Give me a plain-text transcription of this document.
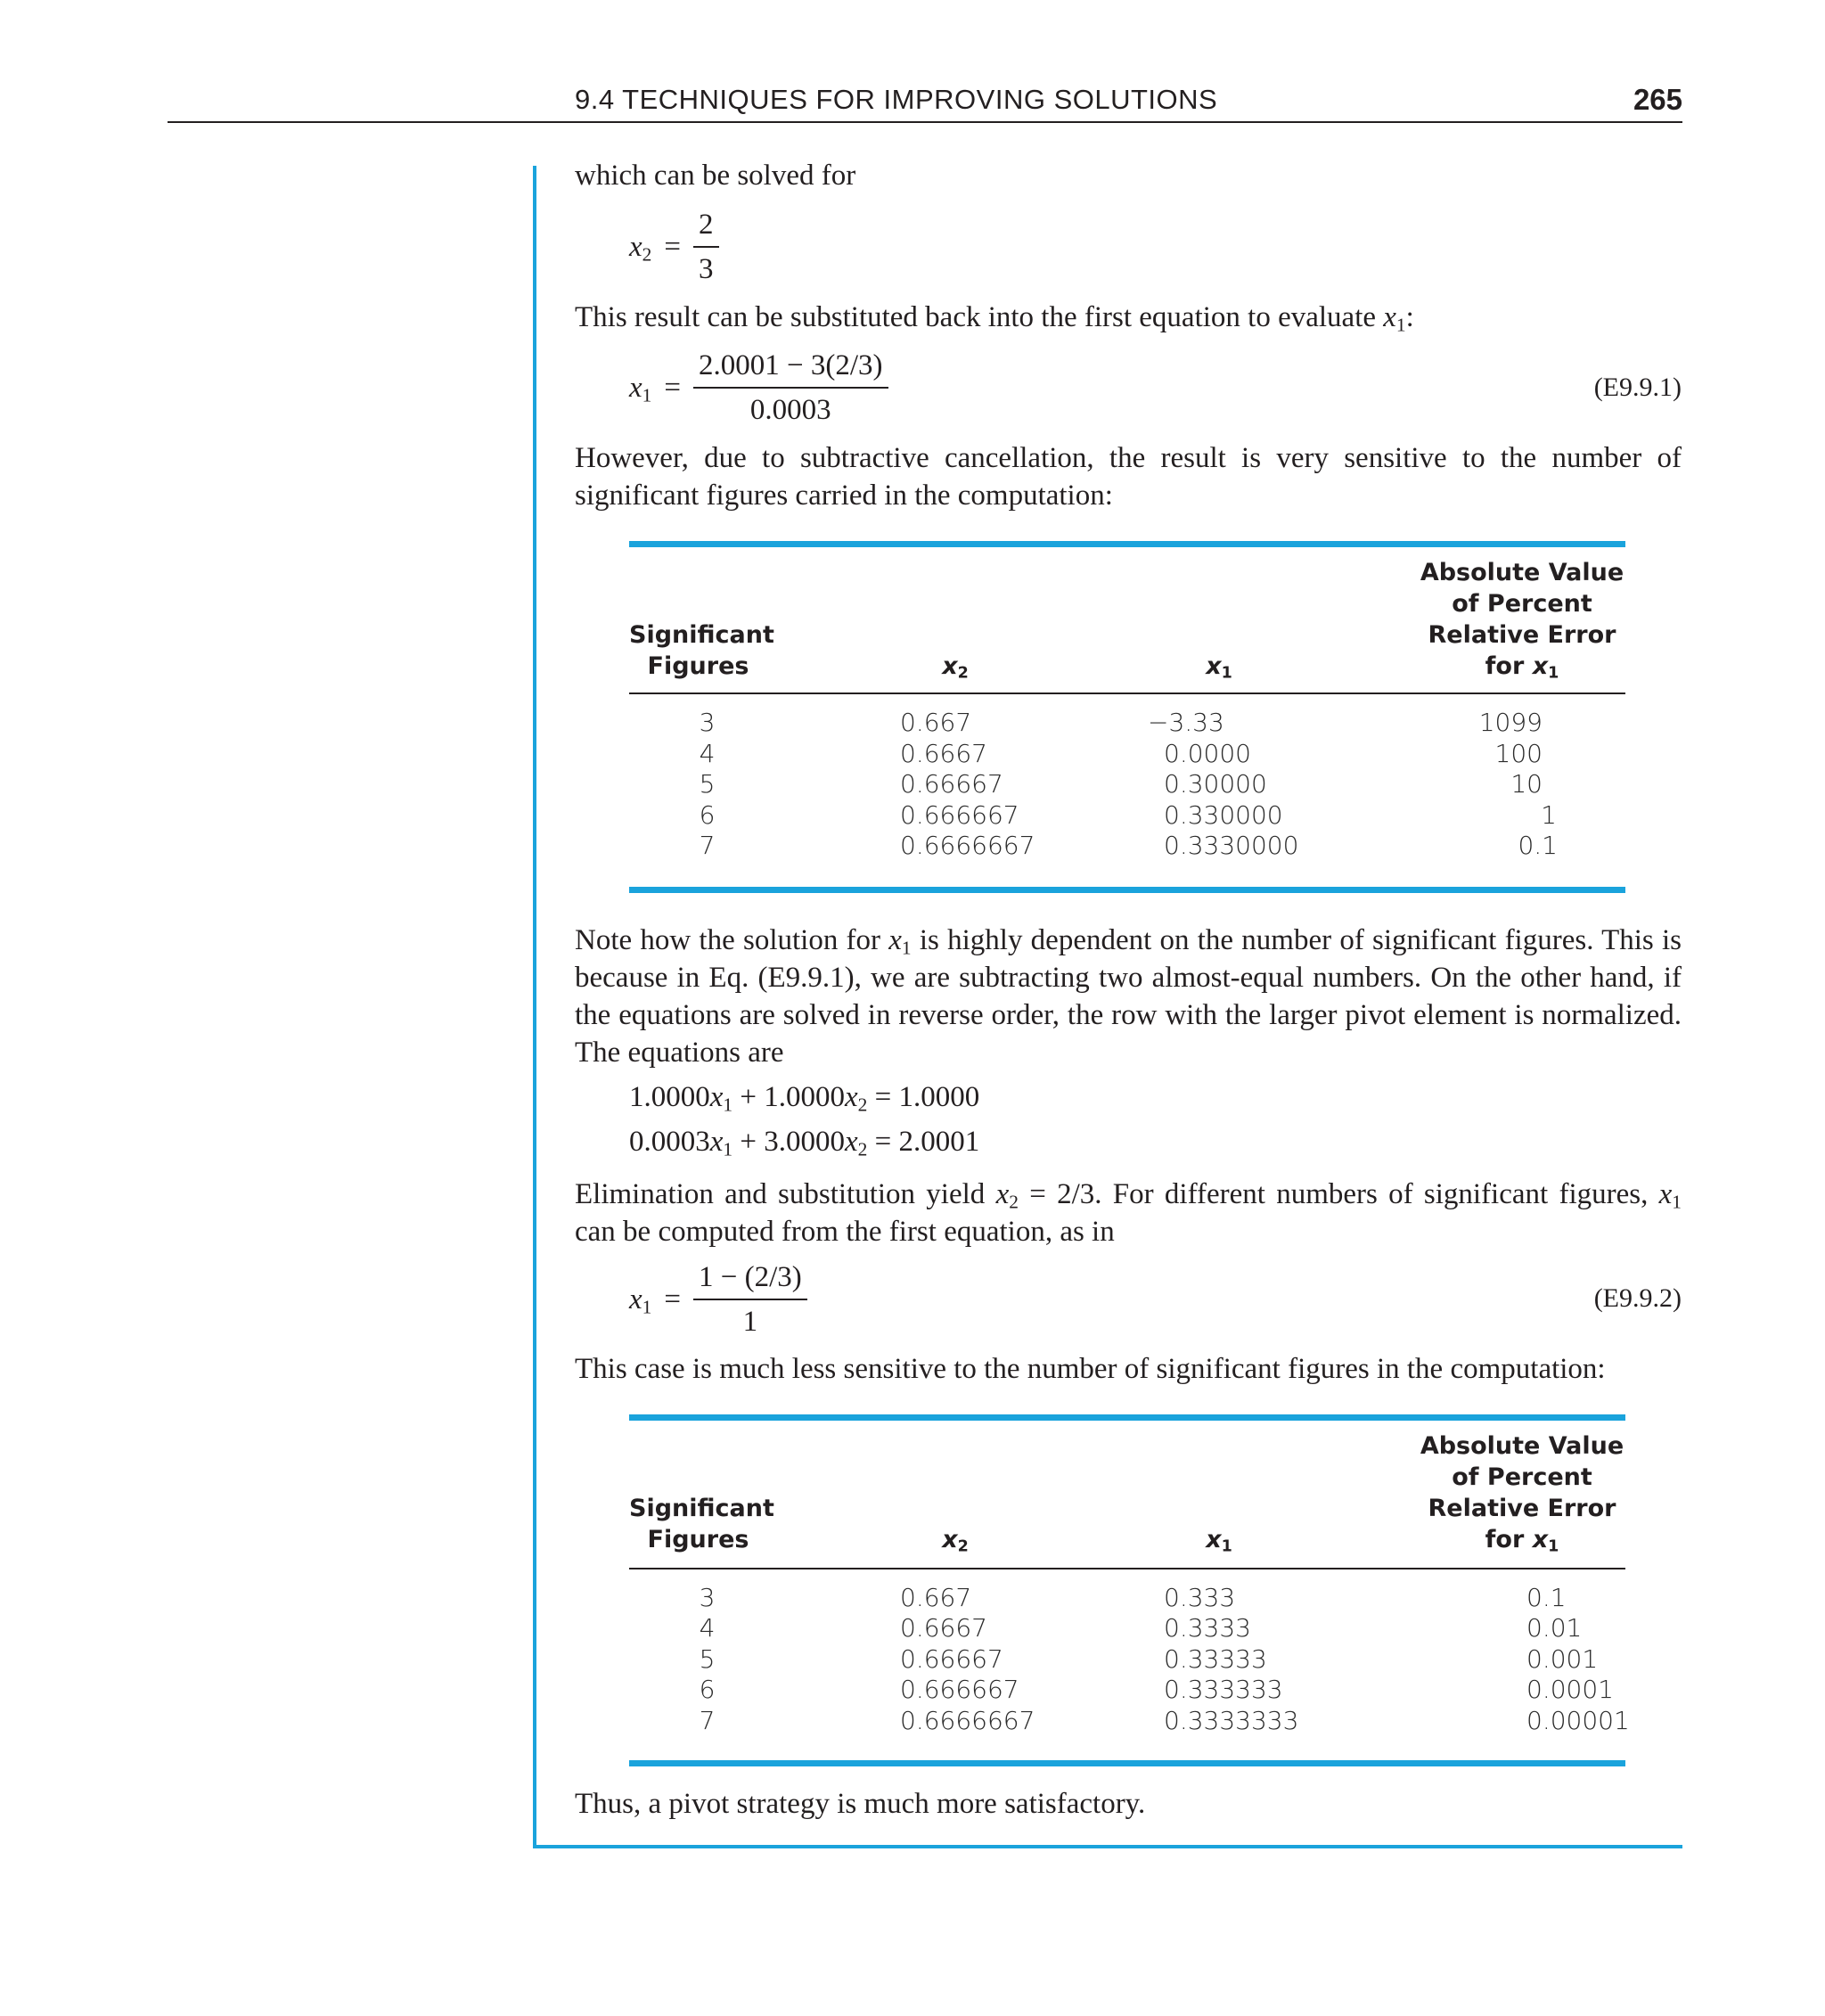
9.4 TECHNIQUES FOR IMPROVING SOLUTIONS	265

which can be solved for

$x_2 = \frac{2}{3}$

This result can be substituted back into the first equation to evaluate $x_1$:

$x_1 = \frac{2.0001 - 3(2/3)}{0.0003}$	(E9.9.1)

However, due to subtractive cancellation, the result is very sensitive to the number of significant figures carried in the computation:

Significant
Figures	$x_2$	$x_1$
Absolute Value
of Percent
Relative Error
for $x_1$
3	0.667	−3.33	1099
4	0.6667	0.0000	100
5	0.66667	0.30000	10
6	0.666667	0.330000	1
7	0.6666667	0.3330000	0.1

Note how the solution for $x_1$ is highly dependent on the number of significant figures. This is because in Eq. (E9.9.1), we are subtracting two almost-equal numbers. On the other hand, if the equations are solved in reverse order, the row with the larger pivot element is normalized. The equations are

$1.0000x_1 + 1.0000x_2 = 1.0000$
$0.0003x_1 + 3.0000x_2 = 2.0001$

Elimination and substitution yield $x_2 = 2/3$. For different numbers of significant figures, $x_1$ can be computed from the first equation, as in

$x_1 = \frac{1 - (2/3)}{1}$	(E9.9.2)

This case is much less sensitive to the number of significant figures in the computation:

Significant
Figures	$x_2$	$x_1$
Absolute Value
of Percent
Relative Error
for $x_1$
3	0.667	0.333	0.1
4	0.6667	0.3333	0.01
5	0.66667	0.33333	0.001
6	0.666667	0.333333	0.0001
7	0.6666667	0.3333333	0.00001

Thus, a pivot strategy is much more satisfactory.
